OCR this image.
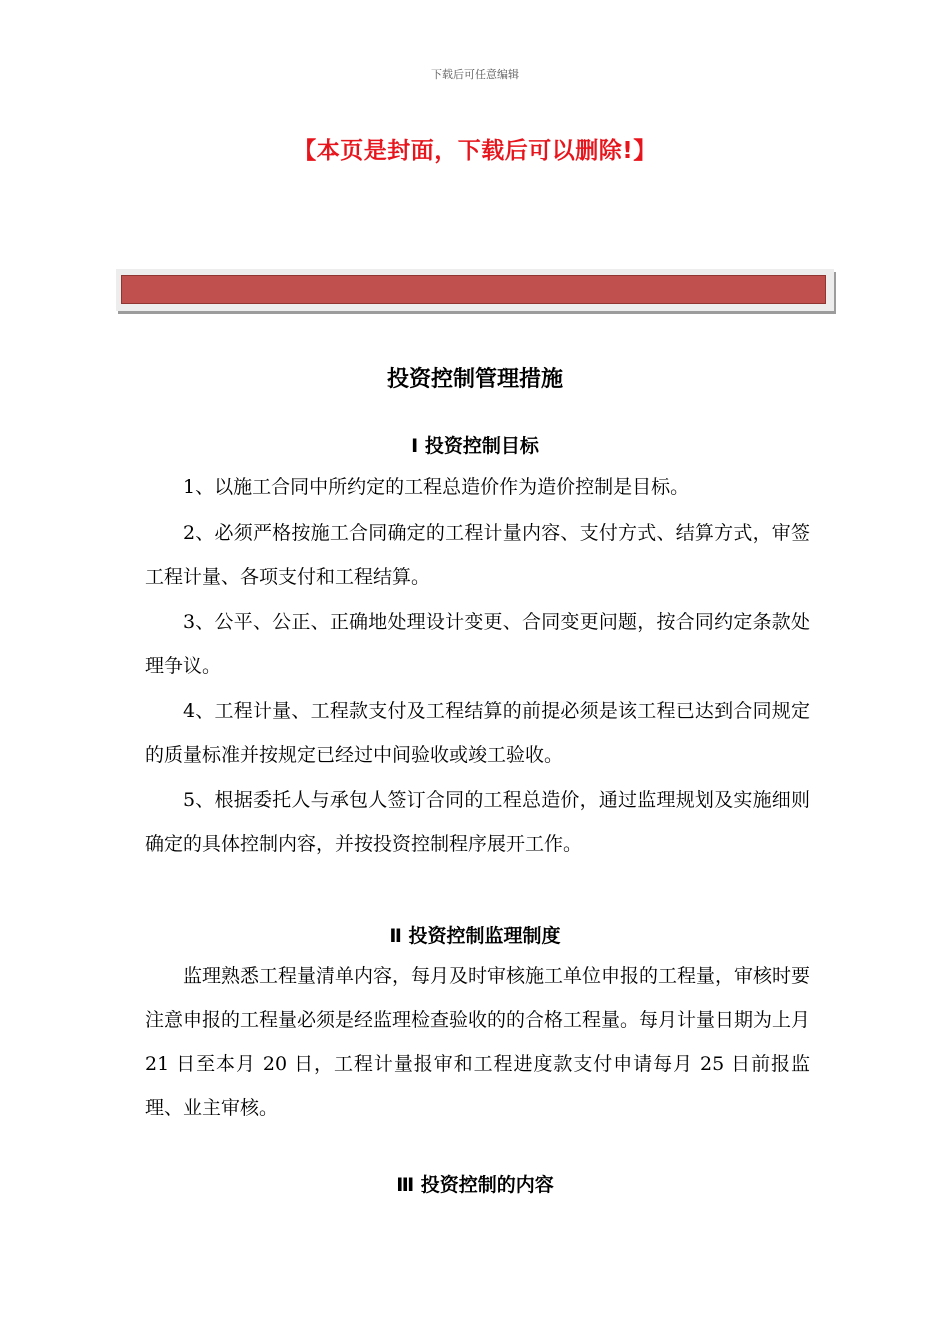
下载后可任意编辑
【本页是封面，下载后可以删除!】
投资控制管理措施
Ⅰ 投资控制目标

1、以施工合同中所约定的工程总造价作为造价控制是目标。

2、必须严格按施工合同确定的工程计量内容、支付方式、结算方式，审签工程计量、各项支付和工程结算。

3、公平、公正、正确地处理设计变更、合同变更问题，按合同约定条款处理争议。

4、工程计量、工程款支付及工程结算的前提必须是该工程已达到合同规定的质量标准并按规定已经过中间验收或竣工验收。

5、根据委托人与承包人签订合同的工程总造价，通过监理规划及实施细则确定的具体控制内容，并按投资控制程序展开工作。

Ⅱ 投资控制监理制度

监理熟悉工程量清单内容，每月及时审核施工单位申报的工程量，审核时要注意申报的工程量必须是经监理检查验收的的合格工程量。每月计量日期为上月 21 日至本月 20 日，工程计量报审和工程进度款支付申请每月 25 日前报监理、业主审核。

Ⅲ 投资控制的内容
